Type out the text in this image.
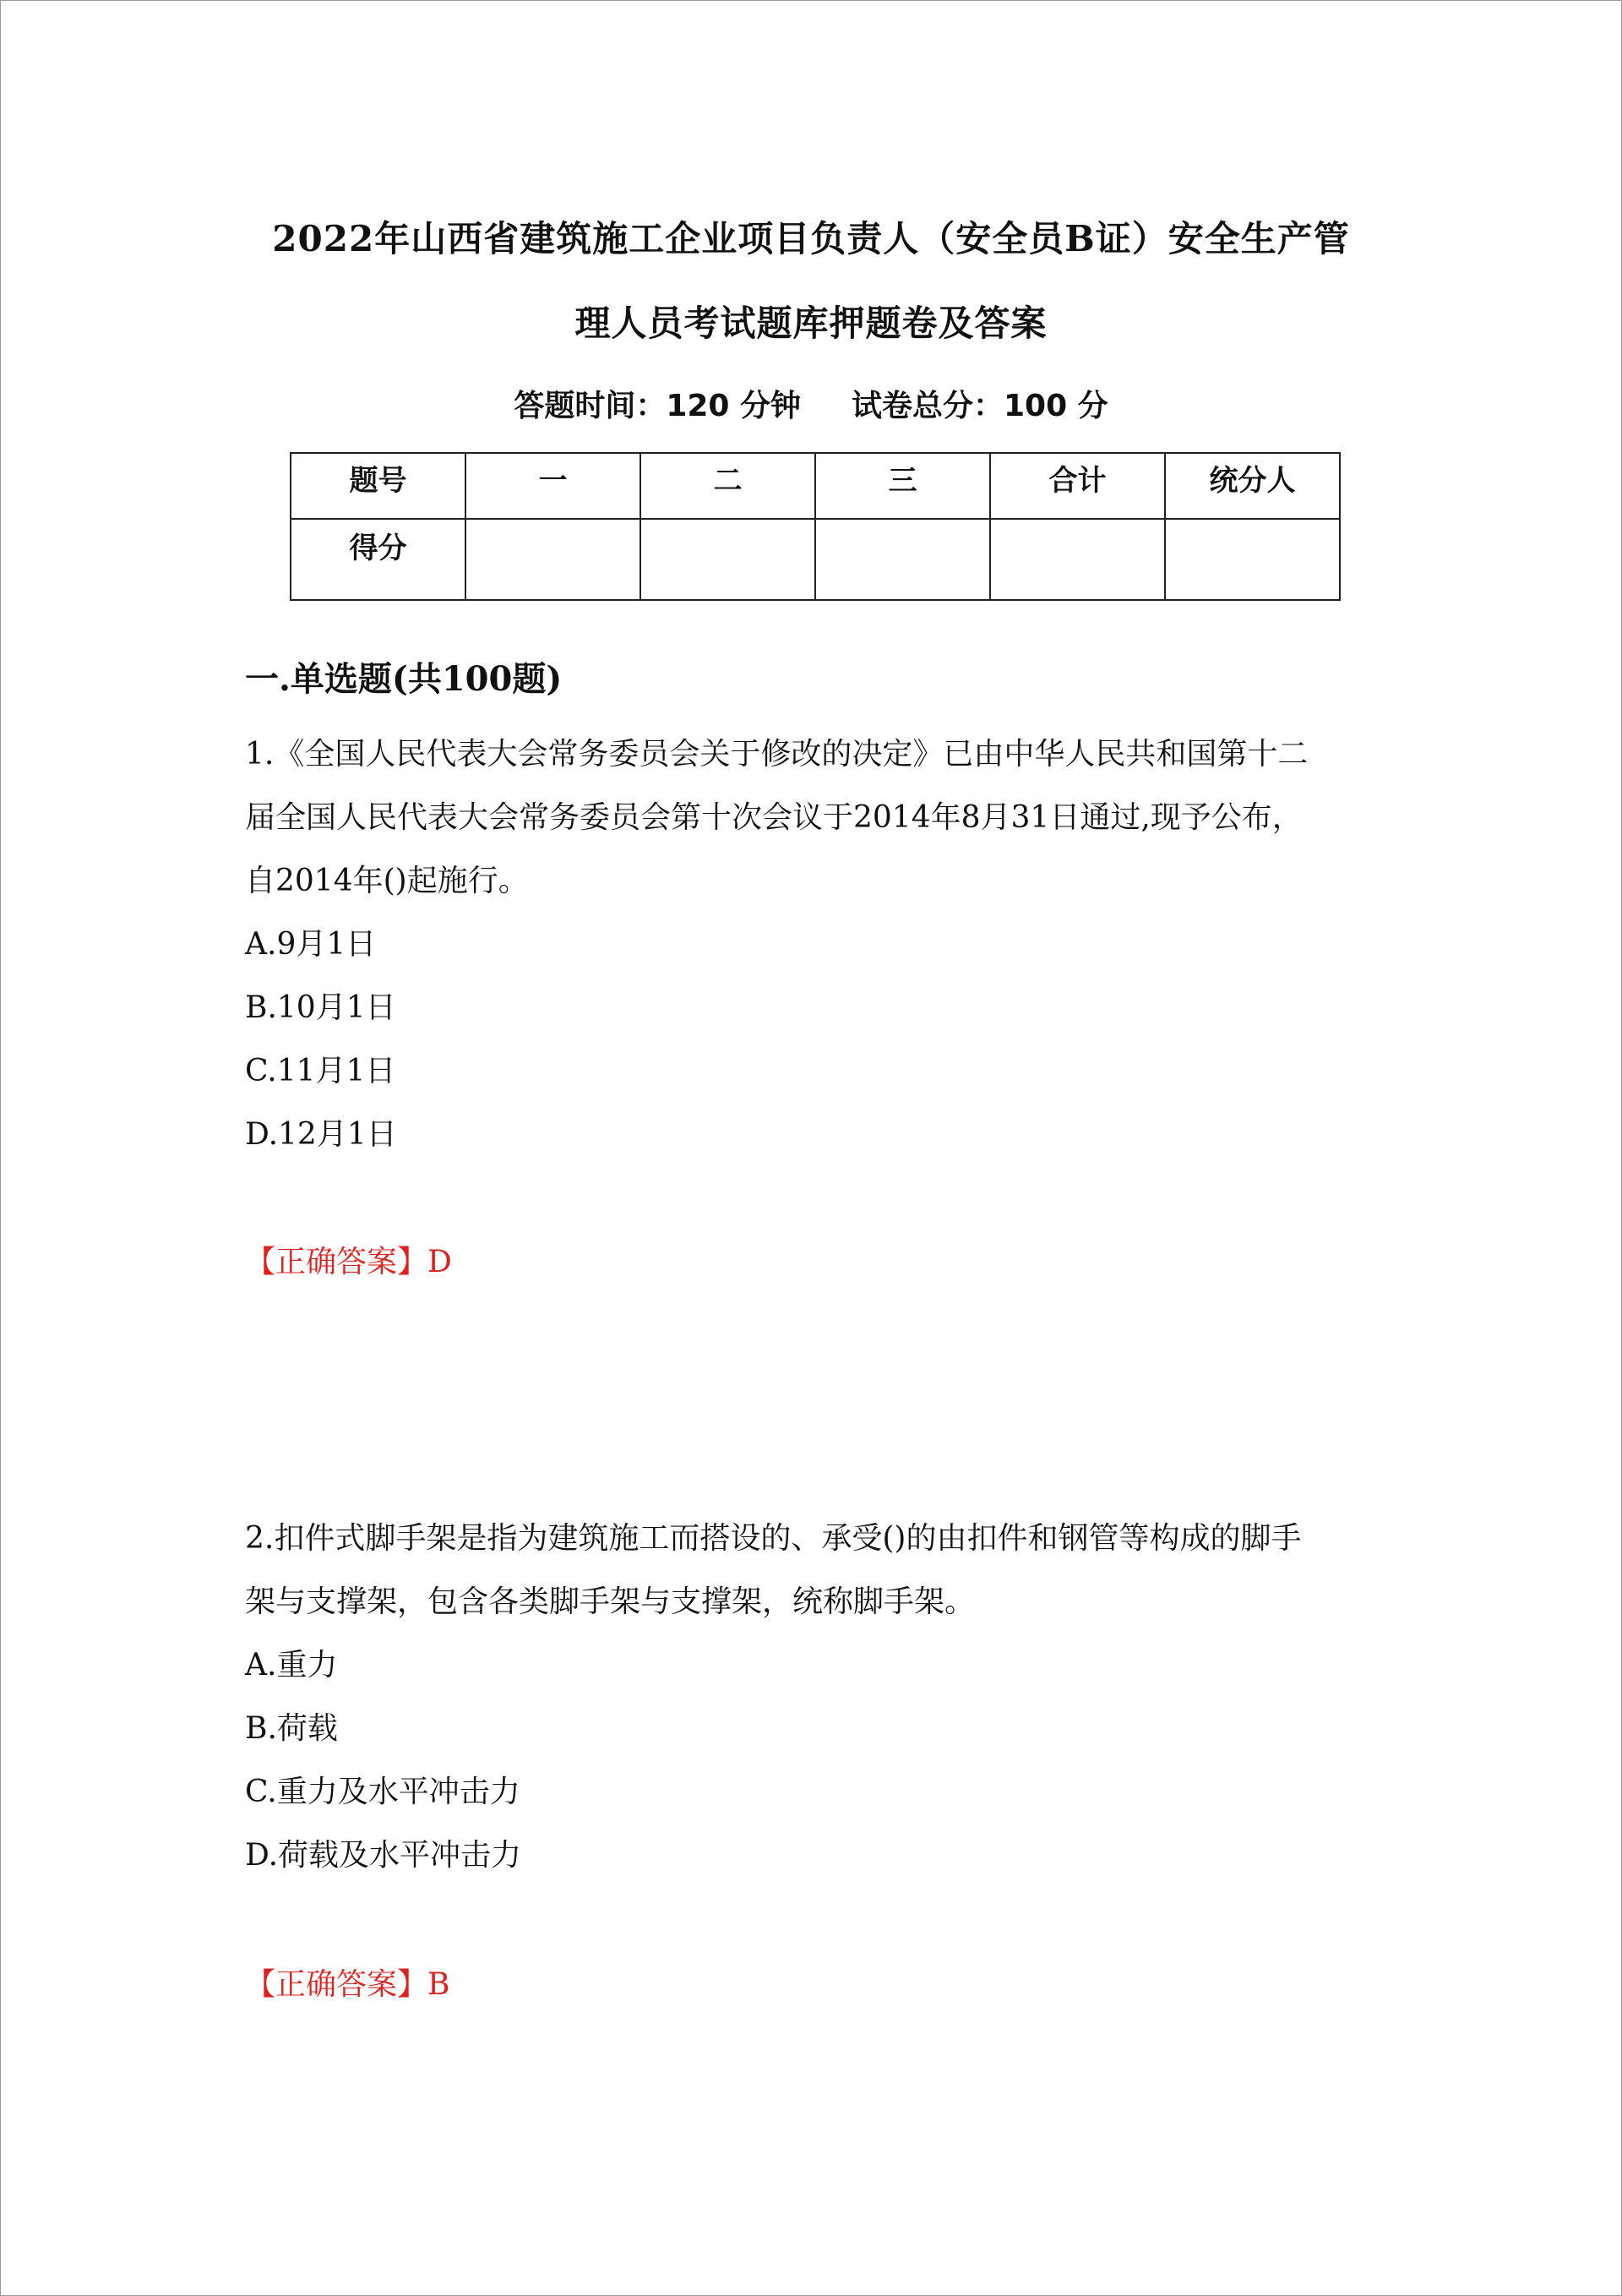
2022年山西省建筑施工企业项目负责人（安全员B证）安全生产管
理人员考试题库押题卷及答案
答题时间：120 分钟 试卷总分：100 分
题号	一	二	三	合计	统分人
得分					
一.单选题(共100题)
1.《全国人民代表大会常务委员会关于修改的决定》已由中华人民共和国第十二
届全国人民代表大会常务委员会第十次会议于2014年8月31日通过,现予公布，
自2014年()起施行。
A.9月1日
B.10月1日
C.11月1日
D.12月1日
【正确答案】D
2.扣件式脚手架是指为建筑施工而搭设的、承受()的由扣件和钢管等构成的脚手
架与支撑架，包含各类脚手架与支撑架，统称脚手架。
A.重力
B.荷载
C.重力及水平冲击力
D.荷载及水平冲击力
【正确答案】B
